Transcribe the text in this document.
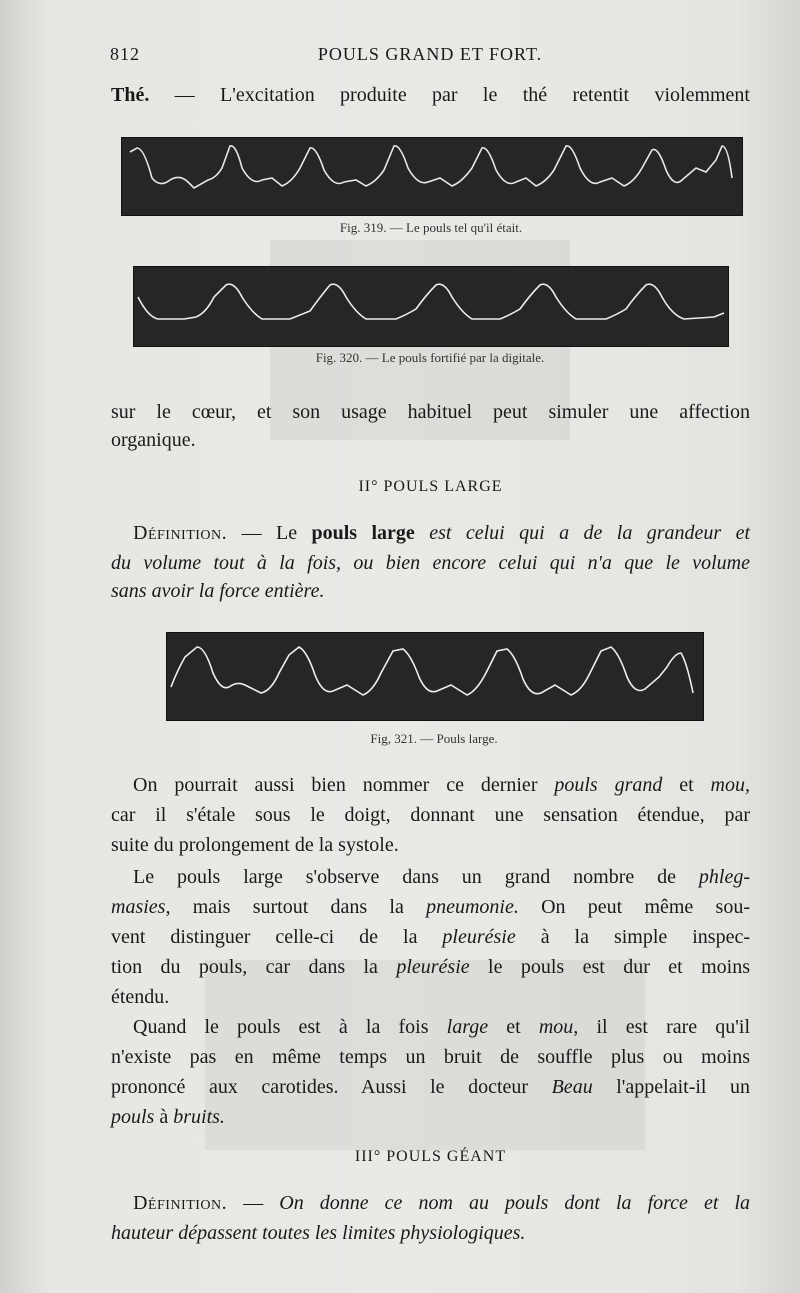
812	POULS GRAND ET FORT.
Thé. — L'excitation produite par le thé retentit violemment
Fig. 319. — Le pouls tel qu'il était.
Fig. 320. — Le pouls fortifié par la digitale.
sur le cœur, et son usage habituel peut simuler une affection
organique.
II° POULS LARGE
Définition. — Le pouls large est celui qui a de la grandeur et
du volume tout à la fois, ou bien encore celui qui n'a que le volume
sans avoir la force entière.
Fig, 321. — Pouls large.
On pourrait aussi bien nommer ce dernier pouls grand et mou,
car il s'étale sous le doigt, donnant une sensation étendue, par
suite du prolongement de la systole.
Le pouls large s'observe dans un grand nombre de phleg-
masies, mais surtout dans la pneumonie. On peut même sou-
vent distinguer celle-ci de la pleurésie à la simple inspec-
tion du pouls, car dans la pleurésie le pouls est dur et moins
étendu.
Quand le pouls est à la fois large et mou, il est rare qu'il
n'existe pas en même temps un bruit de souffle plus ou moins
prononcé aux carotides. Aussi le docteur Beau l'appelait-il un
pouls à bruits.
III° POULS GÉANT
Définition. — On donne ce nom au pouls dont la force et la
hauteur dépassent toutes les limites physiologiques.
